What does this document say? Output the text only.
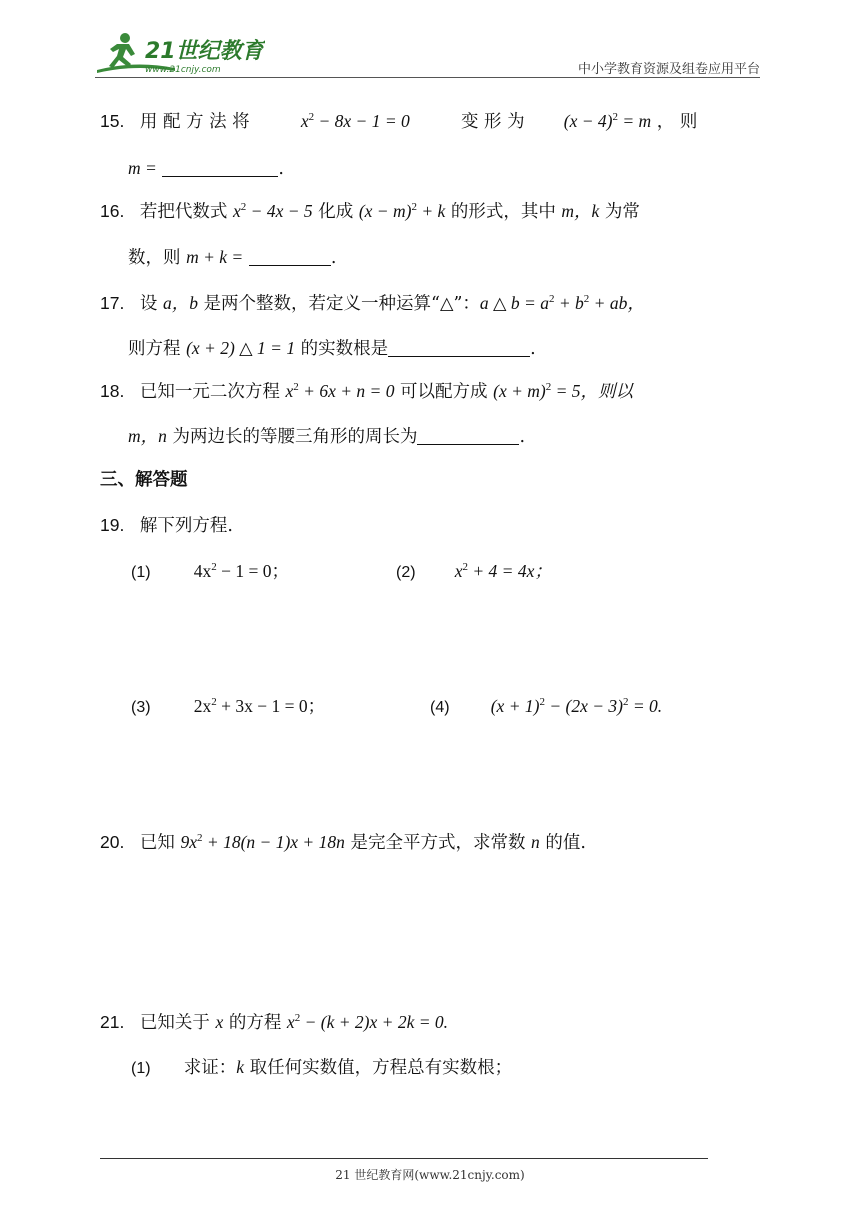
21世纪教育
www.21cnjy.com	中小学教育资源及组卷应用平台
15. 用 配 方 法 将	$x^2 - 8x - 1 = 0$	变 形 为 $(x - 4)^2 = m$ ， 则
m =	.
16. 若把代数式 $x^2 - 4x - 5$ 化成 $(x - m)^2 + k$ 的形式，其中 m，k 为常
数，则 m + k =	.
17. 设 a，b 是两个整数，若定义一种运算“△”：a △ $b = a^2 + b^2$ + ab，
则方程 (x + 2) △ 1 = 1 的实数根是	.
18. 已知一元二次方程 $x^2 + 6x + n = 0$ 可以配方成 $(x + m)^2 = 5$，则以
m，n 为两边长的等腰三角形的周长为	.
三、解答题
19. 解下列方程.
(1) $4x^2 - 1 = 0$；	(2) $x^2 + 4 = 4x$；
(3) $2x^2 + 3x - 1 = 0$；	(4) $(x + 1)^2 - (2x - 3)^2 = 0$.
20. 已知 $9x^2 + 18(n - 1)x + 18n$ 是完全平方式，求常数 n 的值.
21. 已知关于 x 的方程 $x^2 - (k + 2)x + 2k = 0$.
(1) 求证：k 取任何实数值，方程总有实数根；
21 世纪教育网(www.21cnjy.com)
